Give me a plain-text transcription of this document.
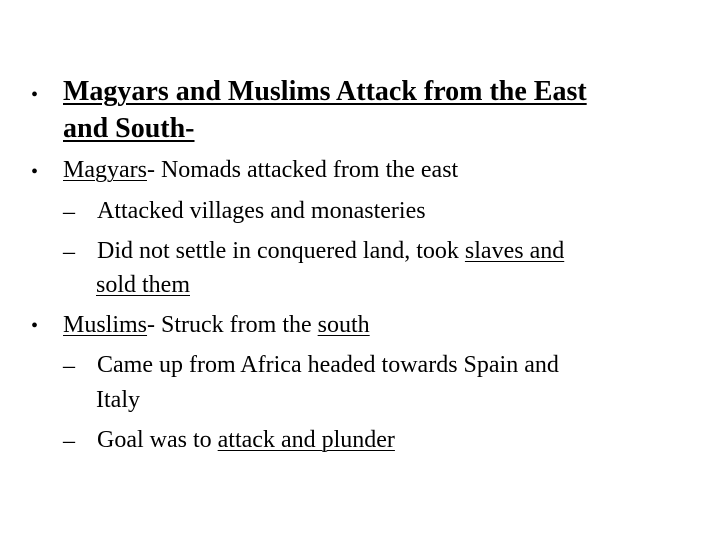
• Magyars and Muslims Attack from the East
and South-
• Magyars- Nomads attacked from the east
– Attacked villages and monasteries
– Did not settle in conquered land, took slaves and
sold them
• Muslims- Struck from the south
– Came up from Africa headed towards Spain and
Italy
– Goal was to attack and plunder
